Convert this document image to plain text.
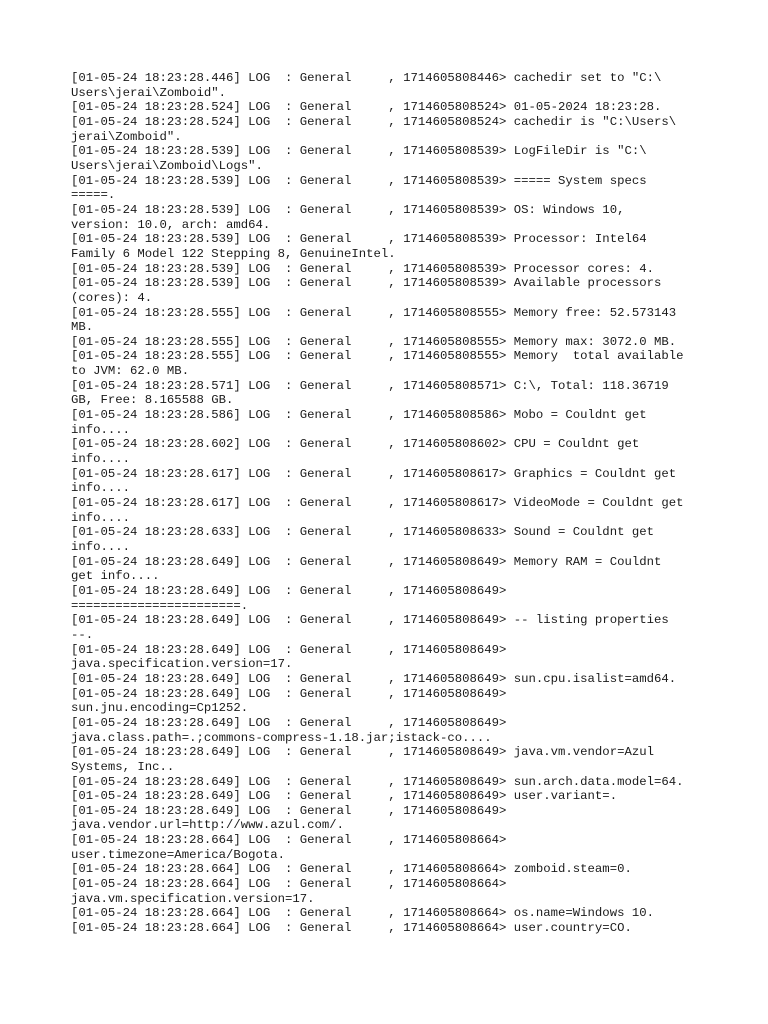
[01-05-24 18:23:28.446] LOG  : General     , 1714605808446> cachedir set to "C:\
Users\jerai\Zomboid".
[01-05-24 18:23:28.524] LOG  : General     , 1714605808524> 01-05-2024 18:23:28.
[01-05-24 18:23:28.524] LOG  : General     , 1714605808524> cachedir is "C:\Users\
jerai\Zomboid".
[01-05-24 18:23:28.539] LOG  : General     , 1714605808539> LogFileDir is "C:\
Users\jerai\Zomboid\Logs".
[01-05-24 18:23:28.539] LOG  : General     , 1714605808539> ===== System specs
=====.
[01-05-24 18:23:28.539] LOG  : General     , 1714605808539> OS: Windows 10,
version: 10.0, arch: amd64.
[01-05-24 18:23:28.539] LOG  : General     , 1714605808539> Processor: Intel64
Family 6 Model 122 Stepping 8, GenuineIntel.
[01-05-24 18:23:28.539] LOG  : General     , 1714605808539> Processor cores: 4.
[01-05-24 18:23:28.539] LOG  : General     , 1714605808539> Available processors
(cores): 4.
[01-05-24 18:23:28.555] LOG  : General     , 1714605808555> Memory free: 52.573143
MB.
[01-05-24 18:23:28.555] LOG  : General     , 1714605808555> Memory max: 3072.0 MB.
[01-05-24 18:23:28.555] LOG  : General     , 1714605808555> Memory  total available
to JVM: 62.0 MB.
[01-05-24 18:23:28.571] LOG  : General     , 1714605808571> C:\, Total: 118.36719
GB, Free: 8.165588 GB.
[01-05-24 18:23:28.586] LOG  : General     , 1714605808586> Mobo = Couldnt get
info....
[01-05-24 18:23:28.602] LOG  : General     , 1714605808602> CPU = Couldnt get
info....
[01-05-24 18:23:28.617] LOG  : General     , 1714605808617> Graphics = Couldnt get
info....
[01-05-24 18:23:28.617] LOG  : General     , 1714605808617> VideoMode = Couldnt get
info....
[01-05-24 18:23:28.633] LOG  : General     , 1714605808633> Sound = Couldnt get
info....
[01-05-24 18:23:28.649] LOG  : General     , 1714605808649> Memory RAM = Couldnt
get info....
[01-05-24 18:23:28.649] LOG  : General     , 1714605808649>
=======================.
[01-05-24 18:23:28.649] LOG  : General     , 1714605808649> -- listing properties
--.
[01-05-24 18:23:28.649] LOG  : General     , 1714605808649>
java.specification.version=17.
[01-05-24 18:23:28.649] LOG  : General     , 1714605808649> sun.cpu.isalist=amd64.
[01-05-24 18:23:28.649] LOG  : General     , 1714605808649>
sun.jnu.encoding=Cp1252.
[01-05-24 18:23:28.649] LOG  : General     , 1714605808649>
java.class.path=.;commons-compress-1.18.jar;istack-co....
[01-05-24 18:23:28.649] LOG  : General     , 1714605808649> java.vm.vendor=Azul
Systems, Inc..
[01-05-24 18:23:28.649] LOG  : General     , 1714605808649> sun.arch.data.model=64.
[01-05-24 18:23:28.649] LOG  : General     , 1714605808649> user.variant=.
[01-05-24 18:23:28.649] LOG  : General     , 1714605808649>
java.vendor.url=http://www.azul.com/.
[01-05-24 18:23:28.664] LOG  : General     , 1714605808664>
user.timezone=America/Bogota.
[01-05-24 18:23:28.664] LOG  : General     , 1714605808664> zomboid.steam=0.
[01-05-24 18:23:28.664] LOG  : General     , 1714605808664>
java.vm.specification.version=17.
[01-05-24 18:23:28.664] LOG  : General     , 1714605808664> os.name=Windows 10.
[01-05-24 18:23:28.664] LOG  : General     , 1714605808664> user.country=CO.
